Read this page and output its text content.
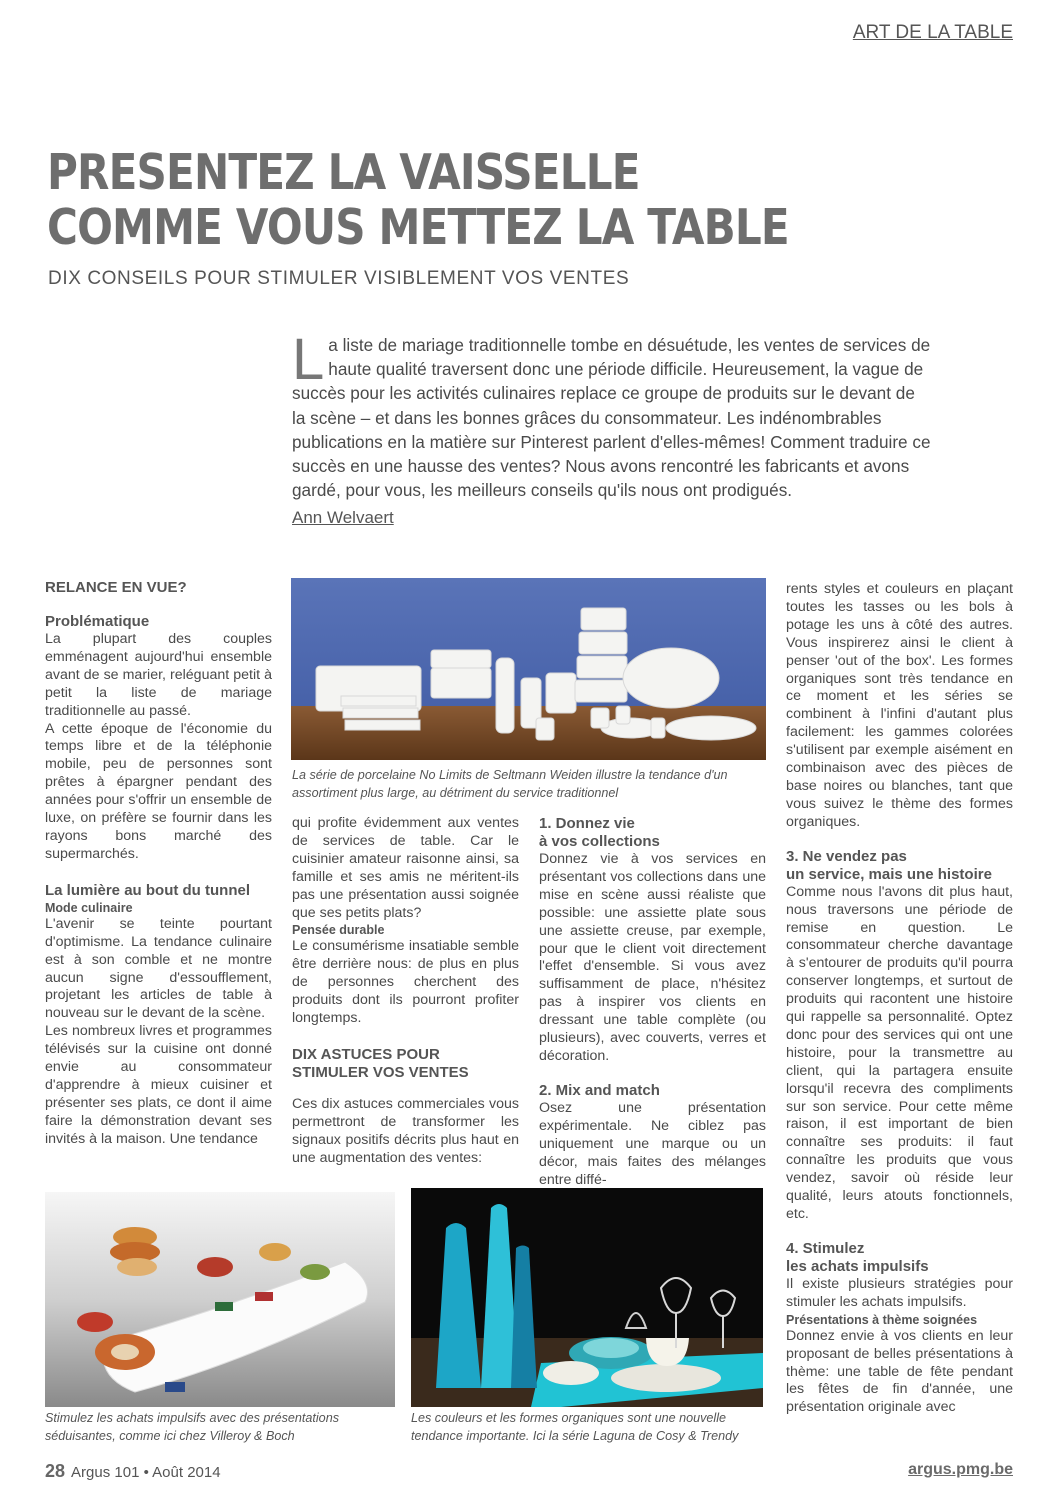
ART DE LA TABLE
PRESENTEZ LA VAISSELLE
COMME VOUS METTEZ LA TABLE
DIX CONSEILS POUR STIMULER VISIBLEMENT VOS VENTES
La liste de mariage traditionnelle tombe en désuétude, les ventes de services de haute qualité traversent donc une période difficile. Heureusement, la vague de succès pour les activités culinaires replace ce groupe de produits sur le devant de la scène – et dans les bonnes grâces du consommateur. Les indénombrables publications en la matière sur Pinterest parlent d'elles-mêmes! Comment traduire ce succès en une hausse des ventes? Nous avons rencontré les fabricants et avons gardé, pour vous, les meilleurs conseils qu'ils nous ont prodigués.
Ann Welvaert

RELANCE EN VUE?

Problématique

La plupart des couples emménagent aujourd'hui ensemble avant de se marier, reléguant petit à petit la liste de mariage traditionnelle au passé.

A cette époque de l'économie du temps libre et de la téléphonie mobile, peu de personnes sont prêtes à épargner pendant des années pour s'offrir un ensemble de luxe, on préfère se fournir dans les rayons bons marché des supermarchés.

La lumière au bout du tunnel

Mode culinaire

L'avenir se teinte pourtant d'optimisme. La tendance culinaire est à son comble et ne montre aucun signe d'essoufflement, projetant les articles de table à nouveau sur le devant de la scène.

Les nombreux livres et programmes télévisés sur la cuisine ont donné envie au consommateur d'apprendre à mieux cuisiner et présenter ses plats, ce dont il aime faire la démonstration devant ses invités à la maison. Une tendance

La série de porcelaine No Limits de Seltmann Weiden illustre la tendance d'un assortiment plus large, au détriment du service traditionnel

qui profite évidemment aux ventes de services de table. Car le cuisinier amateur raisonne ainsi, sa famille et ses amis ne méritent-ils pas une présentation aussi soignée que ses petits plats?

Pensée durable

Le consumérisme insatiable semble être derrière nous: de plus en plus de personnes cherchent des produits dont ils pourront profiter longtemps.

DIX ASTUCES POUR
STIMULER VOS VENTES

Ces dix astuces commerciales vous permettront de transformer les signaux positifs décrits plus haut en une augmentation des ventes:

1. Donnez vie
à vos collections

Donnez vie à vos services en présentant vos collections dans une mise en scène aussi réaliste que possible: une assiette plate sous une assiette creuse, par exemple, pour que le client voit directement l'effet d'ensemble. Si vous avez suffisamment de place, n'hésitez pas à inspirer vos clients en dressant une table complète (ou plusieurs), avec couverts, verres et décoration.

2. Mix and match

Osez une présentation expérimentale. Ne ciblez pas uniquement une marque ou un décor, mais faites des mélanges entre diffé-

rents styles et couleurs en plaçant toutes les tasses ou les bols à potage les uns à côté des autres. Vous inspirerez ainsi le client à penser 'out of the box'. Les formes organiques sont très tendance en ce moment et les séries se combinent à l'infini d'autant plus facilement: les gammes colorées s'utilisent par exemple aisément en combinaison avec des pièces de base noires ou blanches, tant que vous suivez le thème des formes organiques.

3. Ne vendez pas
un service, mais une histoire

Comme nous l'avons dit plus haut, nous traversons une période de remise en question. Le consommateur cherche davantage à s'entourer de produits qu'il pourra conserver longtemps, et surtout de produits qui racontent une histoire qui rappelle sa personnalité. Optez donc pour des services qui ont une histoire, pour la transmettre au client, qui la partagera ensuite lorsqu'il recevra des compliments sur son service. Pour cette même raison, il est important de bien connaître ses produits: il faut connaître les produits que vous vendez, savoir où réside leur qualité, leurs atouts fonctionnels, etc.

4. Stimulez
les achats impulsifs

Il existe plusieurs stratégies pour stimuler les achats impulsifs.

Présentations à thème soignées

Donnez envie à vos clients en leur proposant de belles présentations à thème: une table de fête pendant les fêtes de fin d'année, une présentation originale avec

Stimulez les achats impulsifs avec des présentations séduisantes, comme ici chez Villeroy & Boch
Les couleurs et les formes organiques sont une nouvelle tendance importante. Ici la série Laguna de Cosy & Trendy
28 Argus 101 • Août 2014	argus.pmg.be
